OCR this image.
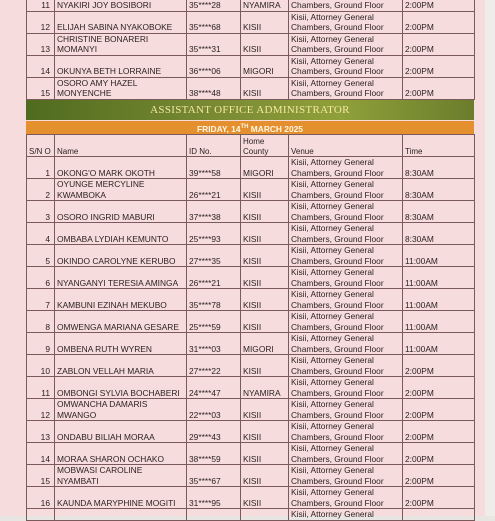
11	NYAKIRI JOY BOSIBORI	35****28	NYAMIRA	Chambers, Ground Floor	2:00PM
12	ELIJAH SABINA NYAKOBOKE	35****68	KISII	Kisii, Attorney General
Chambers, Ground Floor	2:00PM
13	CHRISTINE BONARERI MOMANYI	35****31	KISII	Kisii, Attorney General
Chambers, Ground Floor	2:00PM
14	OKUNYA BETH LORRAINE	36****06	MIGORI	Kisii, Attorney General
Chambers, Ground Floor	2:00PM
15	OSORO AMY HAZEL MONYENCHE	38****48	KISII	Kisii, Attorney General
Chambers, Ground Floor	2:00PM
ASSISTANT OFFICE ADMINISTRATOR
FRIDAY, 14TH MARCH 2025
S/N O	Name	ID No.	Home County	Venue	Time
1	OKONG'O MARK OKOTH	39****58	MIGORI	Kisii, Attorney General
Chambers, Ground Floor	8:30AM
2	OYUNGE MERCYLINE KWAMBOKA	26****21	KISII	Kisii, Attorney General
Chambers, Ground Floor	8:30AM
3	OSORO INGRID MABURI	37****38	KISII	Kisii, Attorney General
Chambers, Ground Floor	8:30AM
4	OMBABA LYDIAH KEMUNTO	25****93	KISII	Kisii, Attorney General
Chambers, Ground Floor	8:30AM
5	OKINDO CAROLYNE KERUBO	27****35	KISII	Kisii, Attorney General
Chambers, Ground Floor	11:00AM
6	NYANGANYI TERESIA AMINGA	26****21	KISII	Kisii, Attorney General
Chambers, Ground Floor	11:00AM
7	KAMBUNI EZINAH MEKUBO	35****78	KISII	Kisii, Attorney General
Chambers, Ground Floor	11:00AM
8	OMWENGA MARIANA GESARE	25****59	KISII	Kisii, Attorney General
Chambers, Ground Floor	11:00AM
9	OMBENA RUTH WYREN	31****03	MIGORI	Kisii, Attorney General
Chambers, Ground Floor	11:00AM
10	ZABLON VELLAH MARIA	27****22	KISII	Kisii, Attorney General
Chambers, Ground Floor	2:00PM
11	OMBONGI SYLVIA BOCHABERI	24****47	NYAMIRA	Kisii, Attorney General
Chambers, Ground Floor	2:00PM
12	OMWANCHA DAMARIS MWANGO	22****03	KISII	Kisii, Attorney General
Chambers, Ground Floor	2:00PM
13	ONDABU BILIAH MORAA	29****43	KISII	Kisii, Attorney General
Chambers, Ground Floor	2:00PM
14	MORAA SHARON OCHAKO	38****59	KISII	Kisii, Attorney General
Chambers, Ground Floor	2:00PM
15	MOBWASI CAROLINE NYAMBATI	35****67	KISII	Kisii, Attorney General
Chambers, Ground Floor	2:00PM
16	KAUNDA MARYPHINE MOGITI	31****95	KISII	Kisii, Attorney General
Chambers, Ground Floor	2:00PM

				Kisii, Attorney General	
